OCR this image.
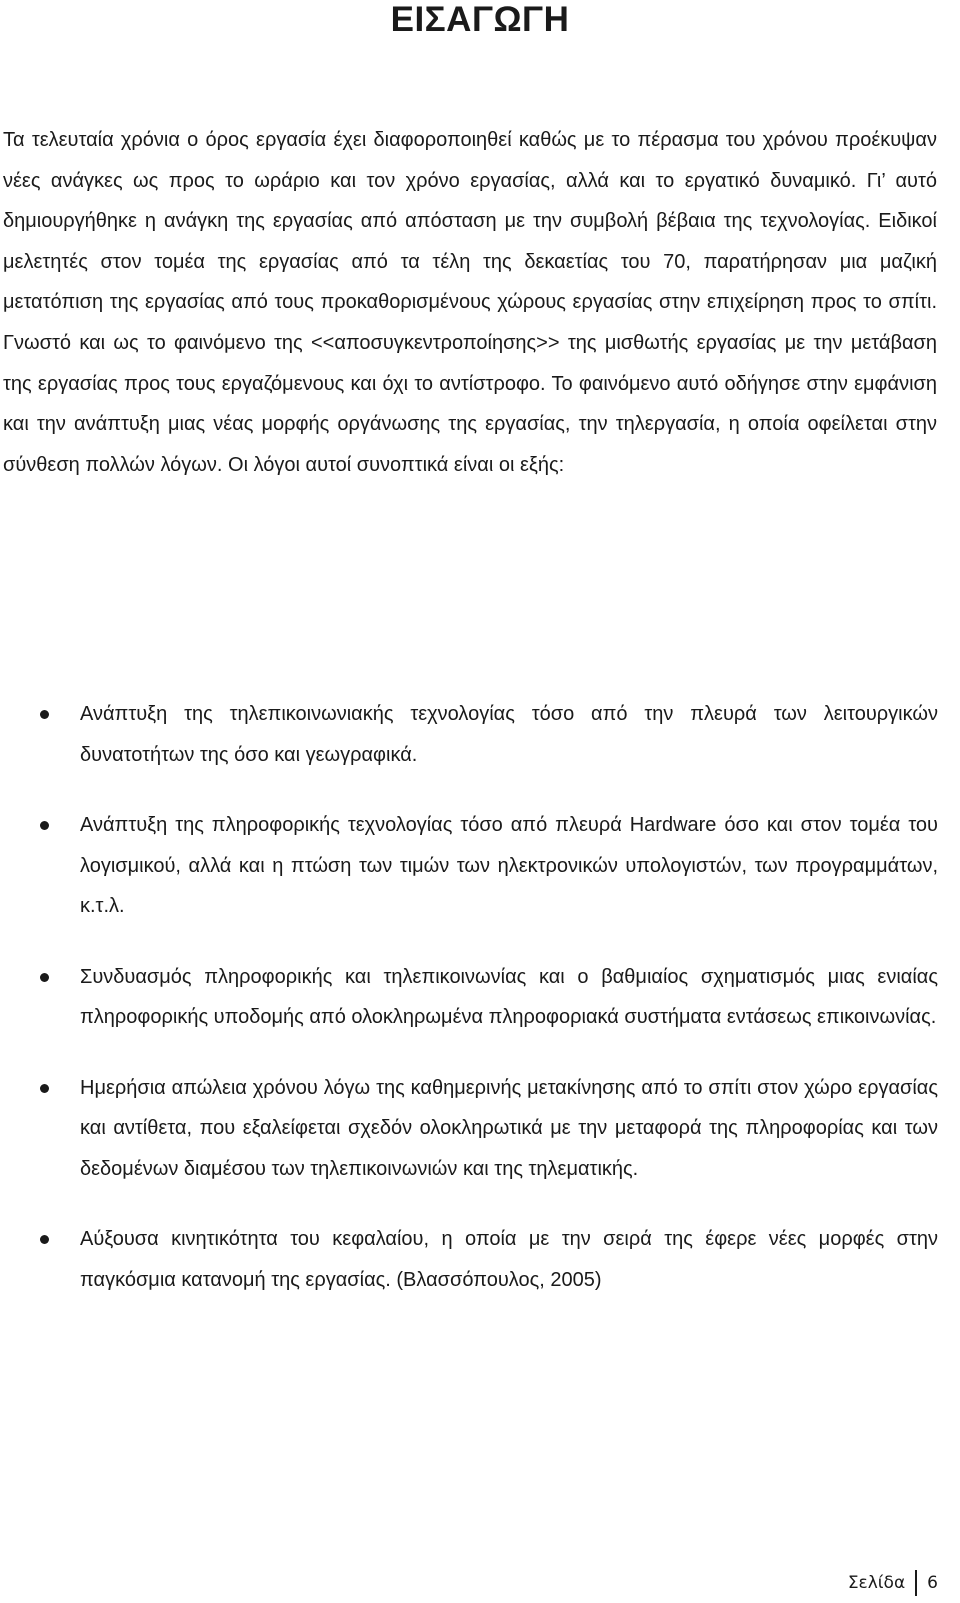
ΕΙΣΑΓΩΓΗ

Τα τελευταία χρόνια ο όρος εργασία έχει διαφοροποιηθεί καθώς με το πέρασμα του χρόνου προέκυψαν νέες ανάγκες ως προς το ωράριο και τον χρόνο εργασίας, αλλά και το εργατικό δυναμικό. Γι’ αυτό δημιουργήθηκε η ανάγκη της εργασίας από απόσταση με την συμβολή βέβαια της τεχνολογίας. Ειδικοί μελετητές στον τομέα της εργασίας από τα τέλη της δεκαετίας του 70, παρατήρησαν μια μαζική μετατόπιση της εργασίας από τους προκαθορισμένους χώρους εργασίας στην επιχείρηση προς το σπίτι. Γνωστό και ως το φαινόμενο της <<αποσυγκεντροποίησης>> της μισθωτής εργασίας με την μετάβαση της εργασίας προς τους εργαζόμενους και όχι το αντίστροφο. Το φαινόμενο αυτό οδήγησε στην εμφάνιση και την ανάπτυξη μιας νέας μορφής οργάνωσης της εργασίας, την τηλεργασία, η οποία οφείλεται στην σύνθεση πολλών λόγων. Οι λόγοι αυτοί συνοπτικά είναι οι εξής:

Ανάπτυξη της τηλεπικοινωνιακής τεχνολογίας τόσο από την πλευρά των λειτουργικών δυνατοτήτων της όσο και γεωγραφικά.
Ανάπτυξη της πληροφορικής τεχνολογίας τόσο από πλευρά Hardware όσο και στον τομέα του λογισμικού, αλλά και η πτώση των τιμών των ηλεκτρονικών υπολογιστών, των προγραμμάτων, κ.τ.λ.
Συνδυασμός πληροφορικής και τηλεπικοινωνίας και ο βαθμιαίος σχηματισμός μιας ενιαίας πληροφορικής υποδομής από ολοκληρωμένα πληροφοριακά συστήματα εντάσεως επικοινωνίας.
Ημερήσια απώλεια χρόνου λόγω της καθημερινής μετακίνησης από το σπίτι στον χώρο εργασίας και αντίθετα, που εξαλείφεται σχεδόν ολοκληρωτικά με την μεταφορά της πληροφορίας και των δεδομένων διαμέσου των τηλεπικοινωνιών και της τηλεματικής.
Αύξουσα κινητικότητα του κεφαλαίου, η οποία με την σειρά της έφερε νέες μορφές στην παγκόσμια κατανομή της εργασίας. (Βλασσόπουλος, 2005)
Σελίδα	6
